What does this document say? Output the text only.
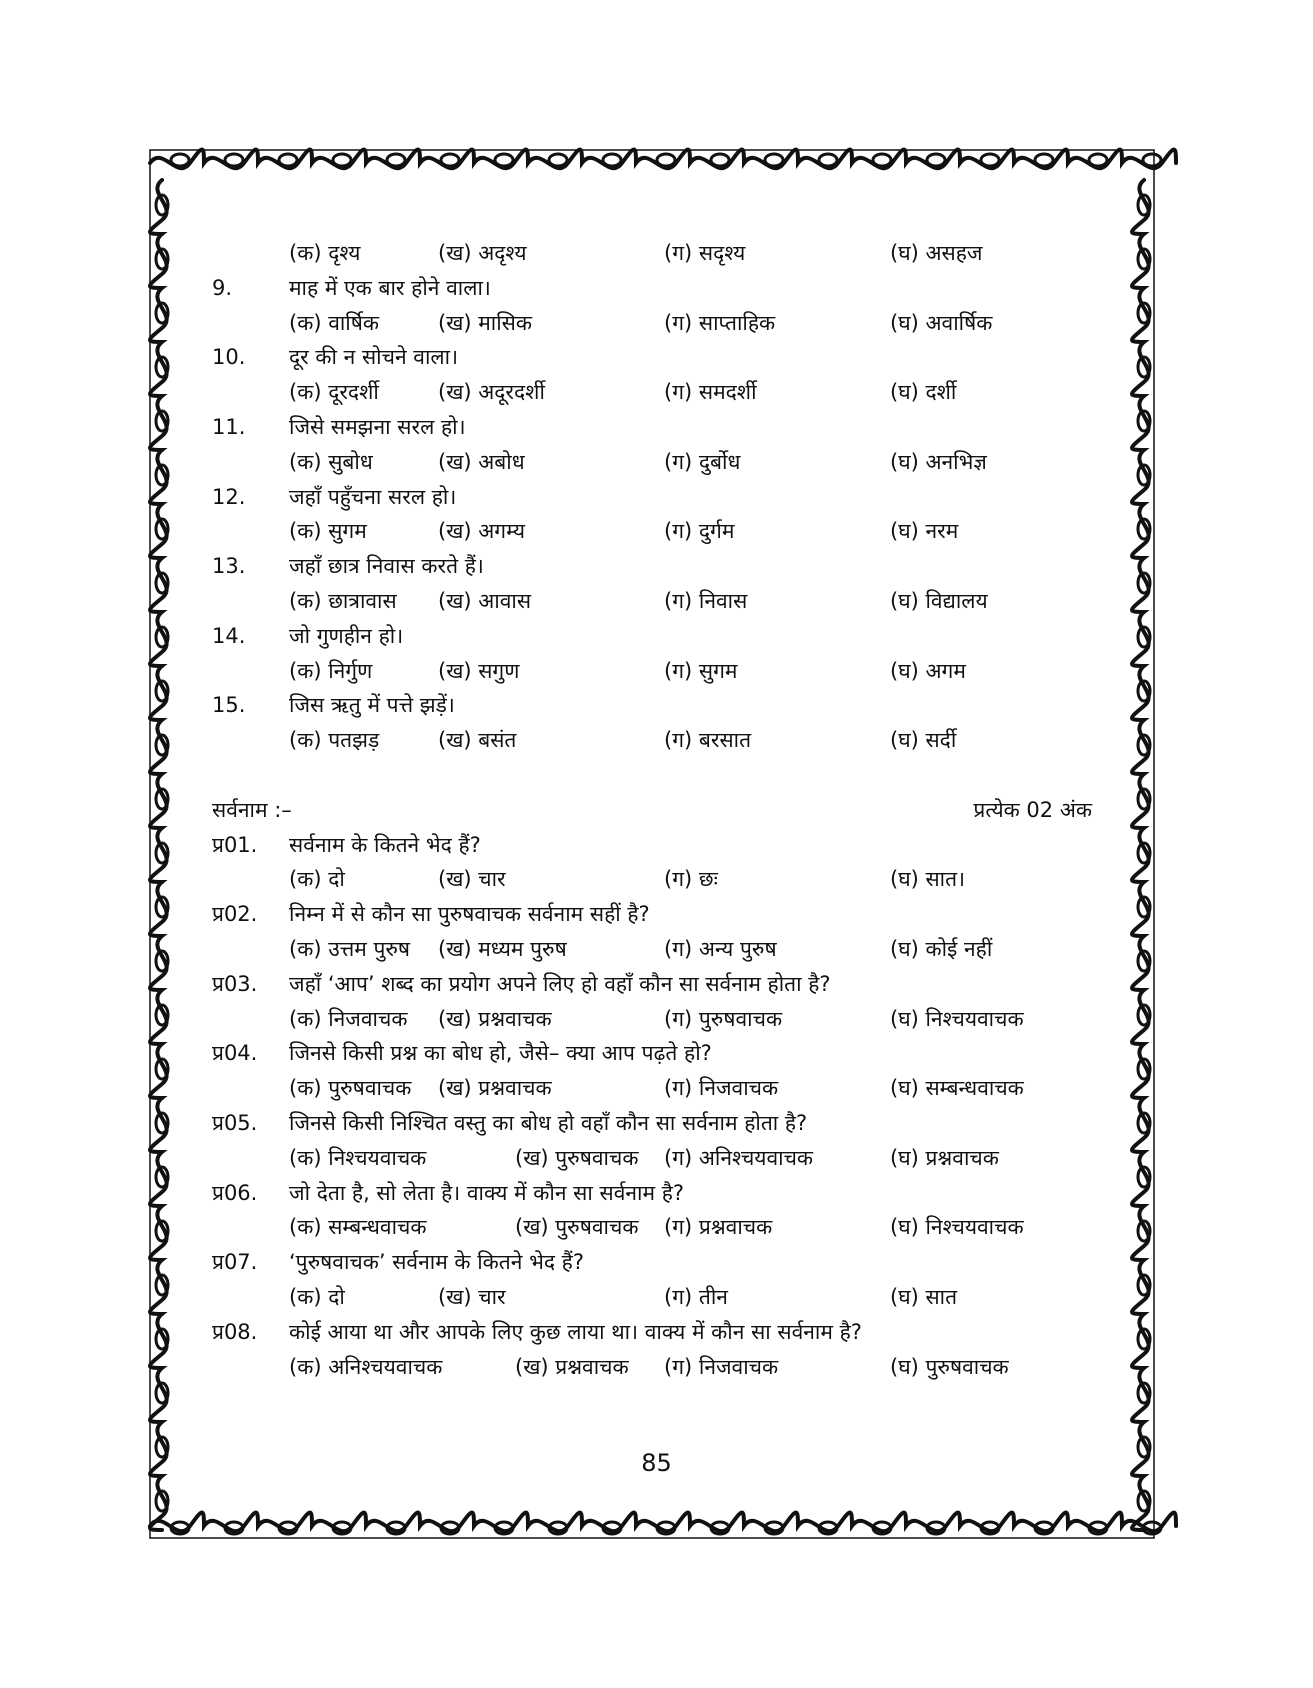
(क) दृश्य	(ख) अदृश्य	(ग) सदृश्य	(घ) असहज
9.	माह में एक बार होने वाला।
(क) वार्षिक	(ख) मासिक	(ग) साप्ताहिक	(घ) अवार्षिक
10.	दूर की न सोचने वाला।
(क) दूरदर्शी	(ख) अदूरदर्शी	(ग) समदर्शी	(घ) दर्शी
11.	जिसे समझना सरल हो।
(क) सुबोध	(ख) अबोध	(ग) दुर्बोध	(घ) अनभिज्ञ
12.	जहाँ पहुँचना सरल हो।
(क) सुगम	(ख) अगम्य	(ग) दुर्गम	(घ) नरम
13.	जहाँ छात्र निवास करते हैं।
(क) छात्रावास	(ख) आवास	(ग) निवास	(घ) विद्यालय
14.	जो गुणहीन हो।
(क) निर्गुण	(ख) सगुण	(ग) सुगम	(घ) अगम
15.	जिस ऋतु में पत्ते झड़ें।
(क) पतझड़	(ख) बसंत	(ग) बरसात	(घ) सर्दी
सर्वनाम :–	प्रत्येक 02 अंक
प्र01.	सर्वनाम के कितने भेद हैं?
(क) दो	(ख) चार	(ग) छः	(घ) सात।
प्र02.	निम्न में से कौन सा पुरुषवाचक सर्वनाम सहीं है?
(क) उत्तम पुरुष	(ख) मध्यम पुरुष	(ग) अन्य पुरुष	(घ) कोई नहीं
प्र03.	जहाँ ‘आप’ शब्द का प्रयोग अपने लिए हो वहाँ कौन सा सर्वनाम होता है?
(क) निजवाचक	(ख) प्रश्नवाचक	(ग) पुरुषवाचक	(घ) निश्चयवाचक
प्र04.	जिनसे किसी प्रश्न का बोध हो, जैसे– क्या आप पढ़ते हो?
(क) पुरुषवाचक	(ख) प्रश्नवाचक	(ग) निजवाचक	(घ) सम्बन्धवाचक
प्र05.	जिनसे किसी निश्चित वस्तु का बोध हो वहाँ कौन सा सर्वनाम होता है?
(क) निश्चयवाचक	(ख) पुरुषवाचक	(ग) अनिश्चयवाचक	(घ) प्रश्नवाचक
प्र06.	जो देता है, सो लेता है। वाक्य में कौन सा सर्वनाम है?
(क) सम्बन्धवाचक	(ख) पुरुषवाचक	(ग) प्रश्नवाचक	(घ) निश्चयवाचक
प्र07.	‘पुरुषवाचक’ सर्वनाम के कितने भेद हैं?
(क) दो	(ख) चार	(ग) तीन	(घ) सात
प्र08.	कोई आया था और आपके लिए कुछ लाया था। वाक्य में कौन सा सर्वनाम है?
(क) अनिश्चयवाचक	(ख) प्रश्नवाचक	(ग) निजवाचक	(घ) पुरुषवाचक
85
